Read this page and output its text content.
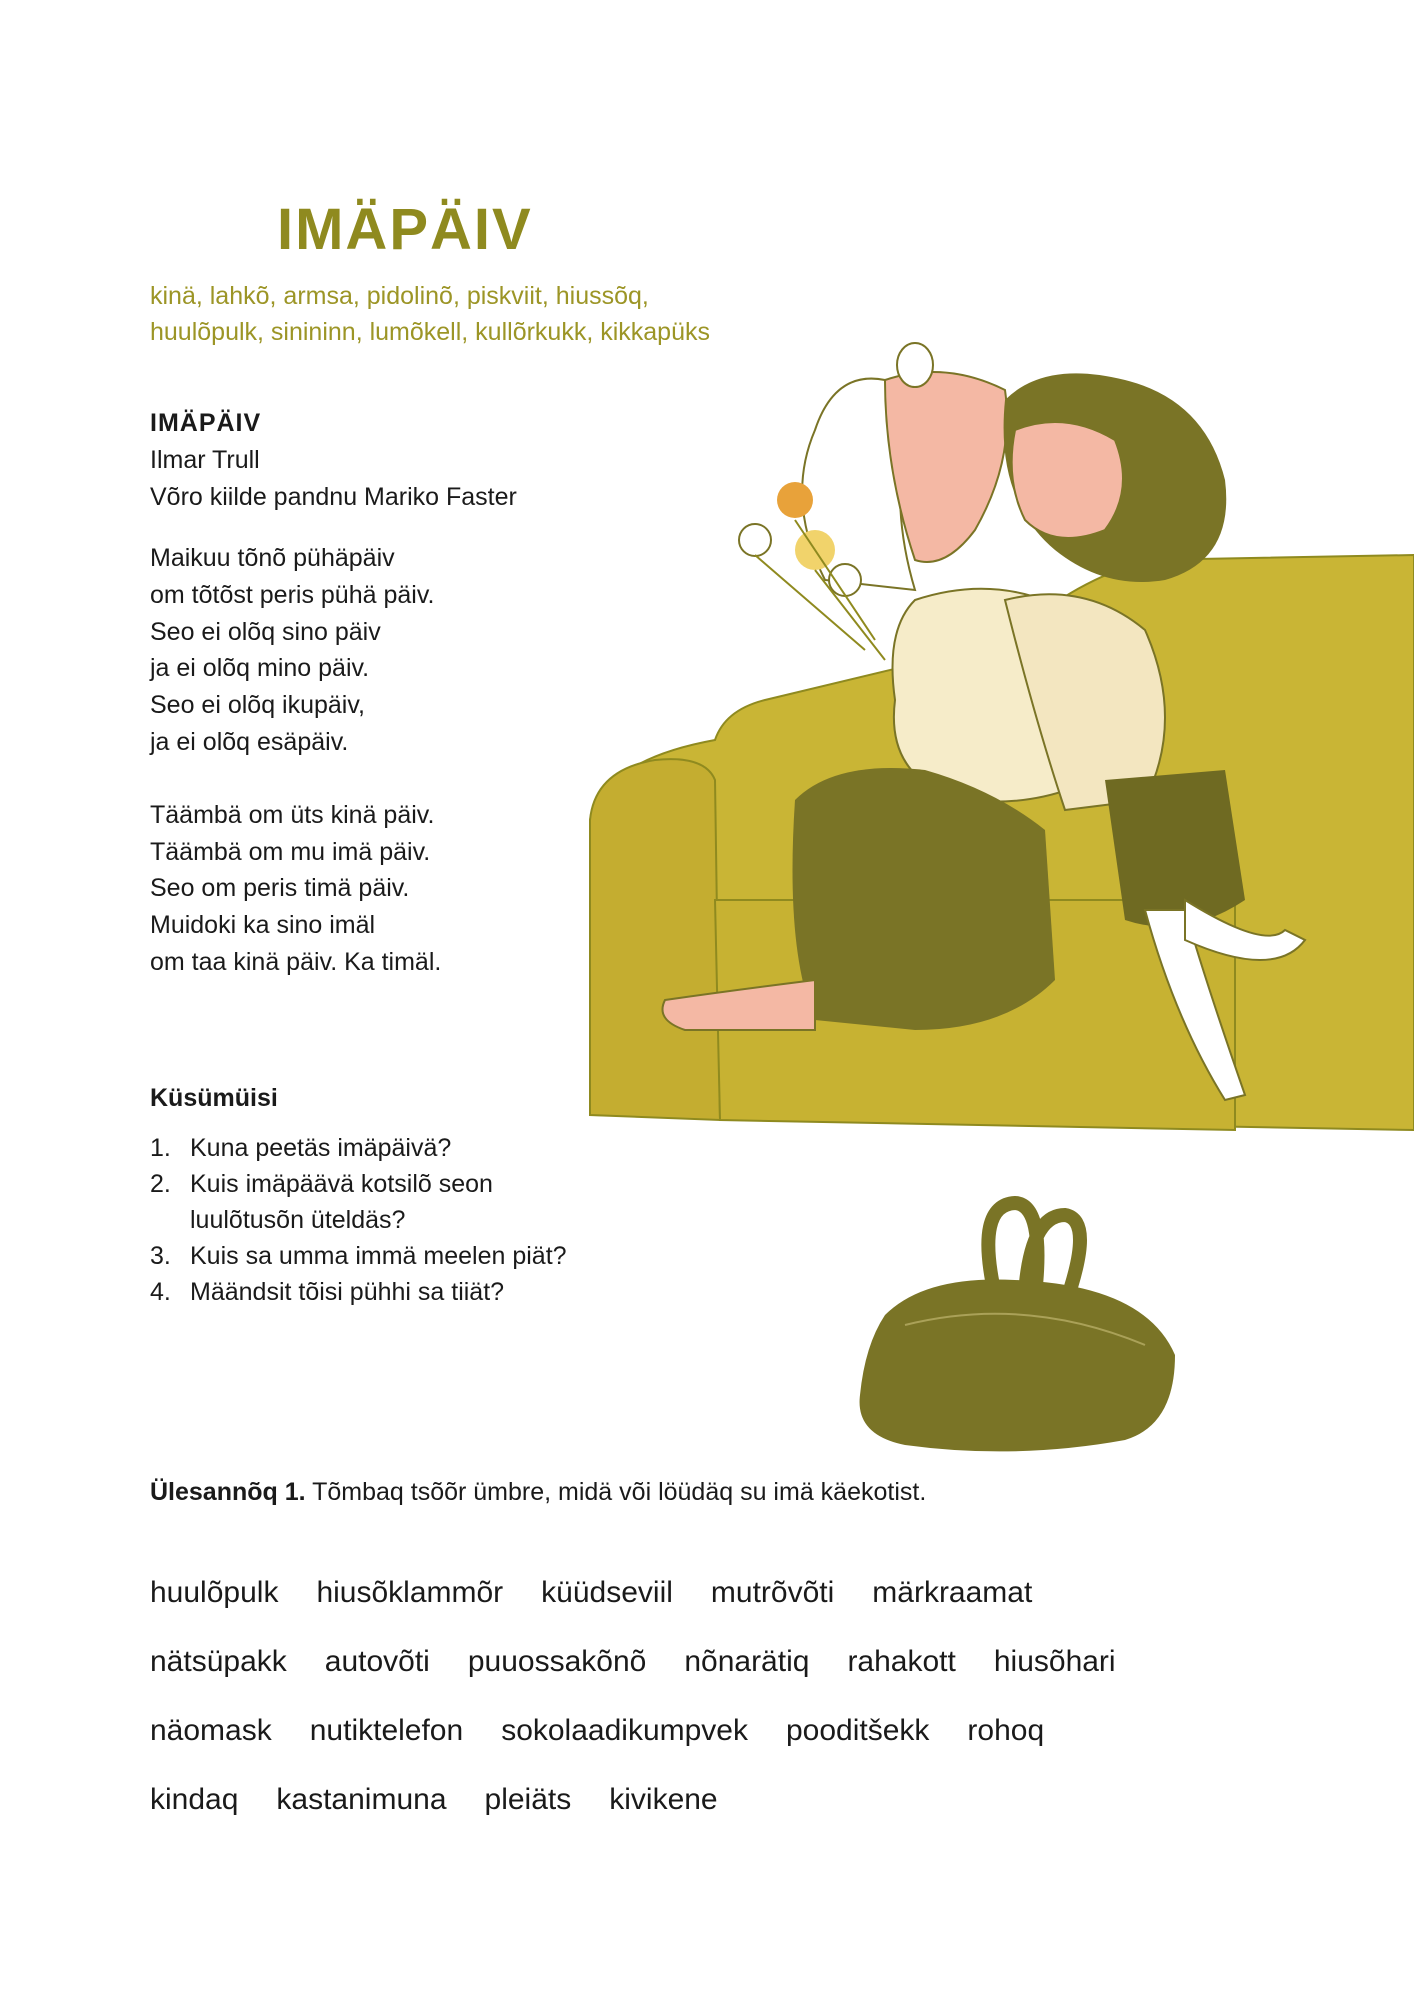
IMÄPÄIV
kinä, lahkõ, armsa, pidolinõ, piskviit, hiussõq,
huulõpulk, sinininn, lumõkell, kullõrkukk, kikkapüks
IMÄPÄIV
Ilmar Trull
Võro kiilde pandnu Mariko Faster
Maikuu tõnõ pühäpäiv
om tõtõst peris pühä päiv.
Seo ei olõq sino päiv
ja ei olõq mino päiv.
Seo ei olõq ikupäiv,
ja ei olõq esäpäiv.
Täämbä om üts kinä päiv.
Täämbä om mu imä päiv.
Seo om peris timä päiv.
Muidoki ka sino imäl
om taa kinä päiv. Ka timäl.
Küsümüisi
1. Kuna peetäs imäpäivä?
2. Kuis imäpäävä kotsilõ seon luulõtusõn üteldäs?
3. Kuis sa umma immä meelen piät?
4. Määndsit tõisi pühhi sa tiiät?
Ülesannõq 1. Tõmbaq tsõõr ümbre, midä või löüdäq su imä käekotist.
huulõpulk hiusõklammõr küüdseviil mutrõvõti märkraamat
nätsüpakk autovõti puuossakõnõ nõnarätiq rahakott hiusõhari
näomask nutiktelefon sokolaadikumpvek pooditšekk rohoq
kindaq kastanimuna pleiäts kivikene
